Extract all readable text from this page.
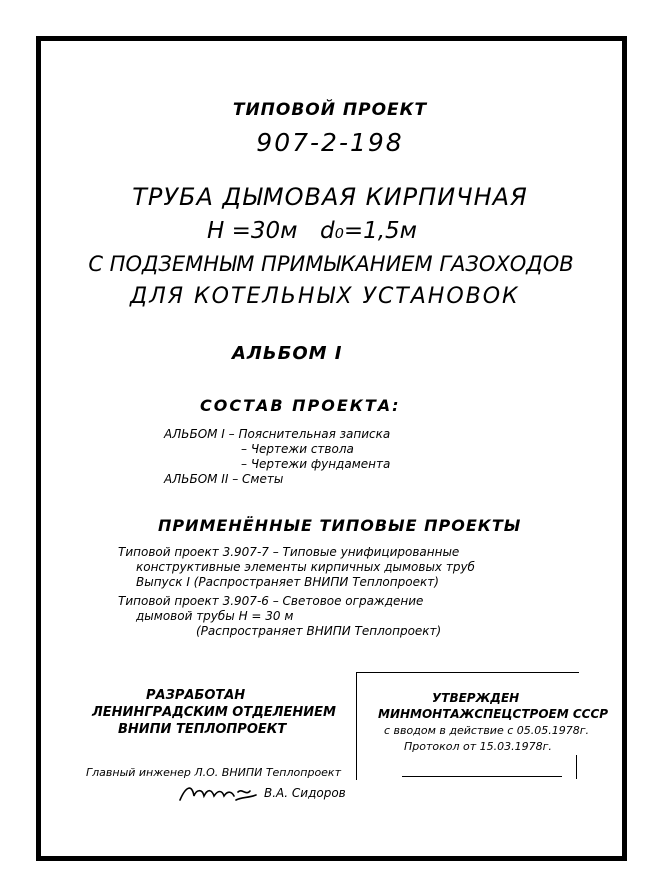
ТИПОВОЙ ПРОЕКТ
907-2-198
ТРУБА ДЫМОВАЯ КИРПИЧНАЯ
H =30м d₀=1,5м
С ПОДЗЕМНЫМ ПРИМЫКАНИЕМ ГАЗОХОДОВ
ДЛЯ КОТЕЛЬНЫХ УСТАНОВОК
АЛЬБОМ I
СОСТАВ ПРОЕКТА:
АЛЬБОМ I – Пояснительная записка
– Чертежи ствола
– Чертежи фундамента
АЛЬБОМ II – Сметы
ПРИМЕНЁННЫЕ ТИПОВЫЕ ПРОЕКТЫ
Типовой проект 3.907-7 – Типовые унифицированные
конструктивные элементы кирпичных дымовых труб
Выпуск I (Распространяет ВНИПИ Теплопроект)
Типовой проект 3.907-6 – Световое ограждение
дымовой трубы H = 30 м
(Распространяет ВНИПИ Теплопроект)
РАЗРАБОТАН
ЛЕНИНГРАДСКИМ ОТДЕЛЕНИЕМ
ВНИПИ ТЕПЛОПРОЕКТ
УТВЕРЖДЕН
МИНМОНТАЖСПЕЦСТРОЕМ СССР
с вводом в действие с 05.05.1978г.
Протокол от 15.03.1978г.
Главный инженер Л.О. ВНИПИ Теплопроект
В.А. Сидоров
